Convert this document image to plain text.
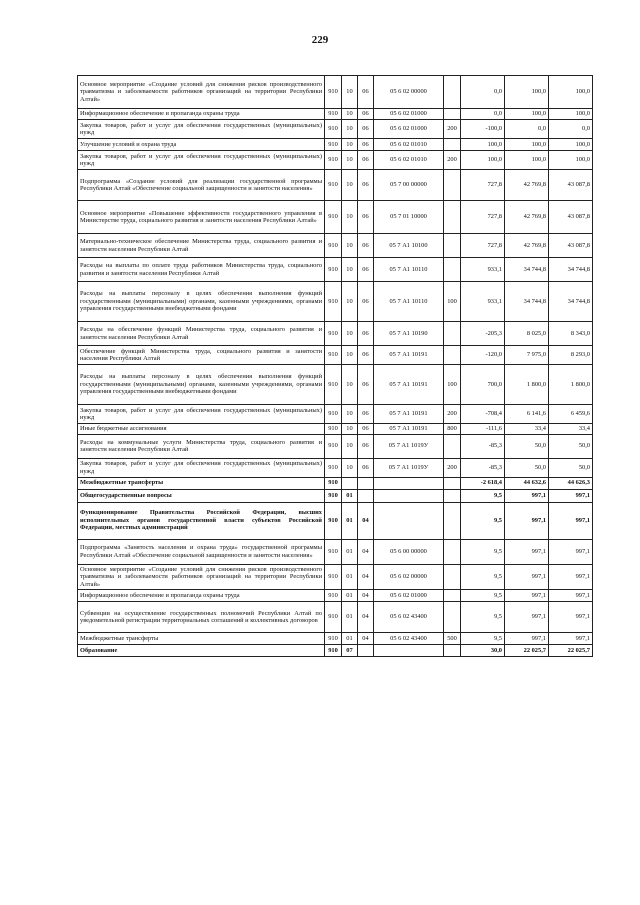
229
Основное мероприятие «Создание условий для снижения рисков производственного травматизма и заболеваемости работников организаций на территории Республики Алтай»	910	10	06	05 6 02 00000		0,0	100,0	100,0
Информационное обеспечение и пропаганда охраны труда	910	10	06	05 6 02 01000		0,0	100,0	100,0
Закупка товаров, работ и услуг для обеспечения государственных (муниципальных) нужд	910	10	06	05 6 02 01000	200	-100,0	0,0	0,0
Улучшение условий и охрана труда	910	10	06	05 6 02 01010		100,0	100,0	100,0
Закупка товаров, работ и услуг для обеспечения государственных (муниципальных) нужд	910	10	06	05 6 02 01010	200	100,0	100,0	100,0
Подпрограмма «Создание условий для реализации государственной программы Республики Алтай «Обеспечение социальной защищенности и занятости населения»	910	10	06	05 7 00 00000		727,8	42 769,8	43 087,8
Основное мероприятие «Повышение эффективности государственного управления в Министерстве труда, социального развития и занятости населения Республики Алтай»	910	10	06	05 7 01 10000		727,8	42 769,8	43 087,8
Материально-техническое обеспечение Министерства труда, социального развития и занятости населения Республики Алтай	910	10	06	05 7 А1 10100		727,8	42 769,8	43 087,8
Расходы на выплаты по оплате труда работников Министерства труда, социального развития и занятости населения Республики Алтай	910	10	06	05 7 А1 10110		933,1	34 744,8	34 744,8
Расходы на выплаты персоналу в целях обеспечения выполнения функций государственными (муниципальными) органами, казенными учреждениями, органами управления государственными внебюджетными фондами	910	10	06	05 7 А1 10110	100	933,1	34 744,8	34 744,8
Расходы на обеспечение функций Министерства труда, социального развития и занятости населения Республики Алтай	910	10	06	05 7 А1 10190		-205,3	8 025,0	8 343,0
Обеспечение функций Министерства труда, социального развития и занятости населения Республики Алтай	910	10	06	05 7 А1 10191		-120,0	7 975,0	8 293,0
Расходы на выплаты персоналу в целях обеспечения выполнения функций государственными (муниципальными) органами, казенными учреждениями, органами управления государственными внебюджетными фондами	910	10	06	05 7 А1 10191	100	700,0	1 800,0	1 800,0
Закупка товаров, работ и услуг для обеспечения государственных (муниципальных) нужд	910	10	06	05 7 А1 10191	200	-708,4	6 141,6	6 459,6
Иные бюджетные ассигнования	910	10	06	05 7 А1 10191	800	-111,6	33,4	33,4
Расходы на коммунальные услуги Министерства труда, социального развития и занятости населения Республики Алтай	910	10	06	05 7 А1 1019У		-85,3	50,0	50,0
Закупка товаров, работ и услуг для обеспечения государственных (муниципальных) нужд	910	10	06	05 7 А1 1019У	200	-85,3	50,0	50,0
Межбюджетные трансферты	910					-2 618,4	44 632,6	44 626,3
Общегосударственные вопросы	910	01				9,5	997,1	997,1
Функционирование Правительства Российской Федерации, высших исполнительных органов государственной власти субъектов Российской Федерации, местных администраций	910	01	04			9,5	997,1	997,1
Подпрограмма «Занятость населения и охрана труда» государственной программы Республики Алтай «Обеспечение социальной защищенности и занятости населения»	910	01	04	05 6 00 00000		9,5	997,1	997,1
Основное мероприятие «Создание условий для снижения рисков производственного травматизма и заболеваемости работников организаций на территории Республики Алтай»	910	01	04	05 6 02 00000		9,5	997,1	997,1
Информационное обеспечение и пропаганда охраны труда	910	01	04	05 6 02 01000		9,5	997,1	997,1
Субвенции на осуществление государственных полномочий Республики Алтай по уведомительной регистрации территориальных соглашений и коллективных договоров	910	01	04	05 6 02 43400		9,5	997,1	997,1
Межбюджетные трансферты	910	01	04	05 6 02 43400	500	9,5	997,1	997,1
Образование	910	07				30,0	22 025,7	22 025,7
